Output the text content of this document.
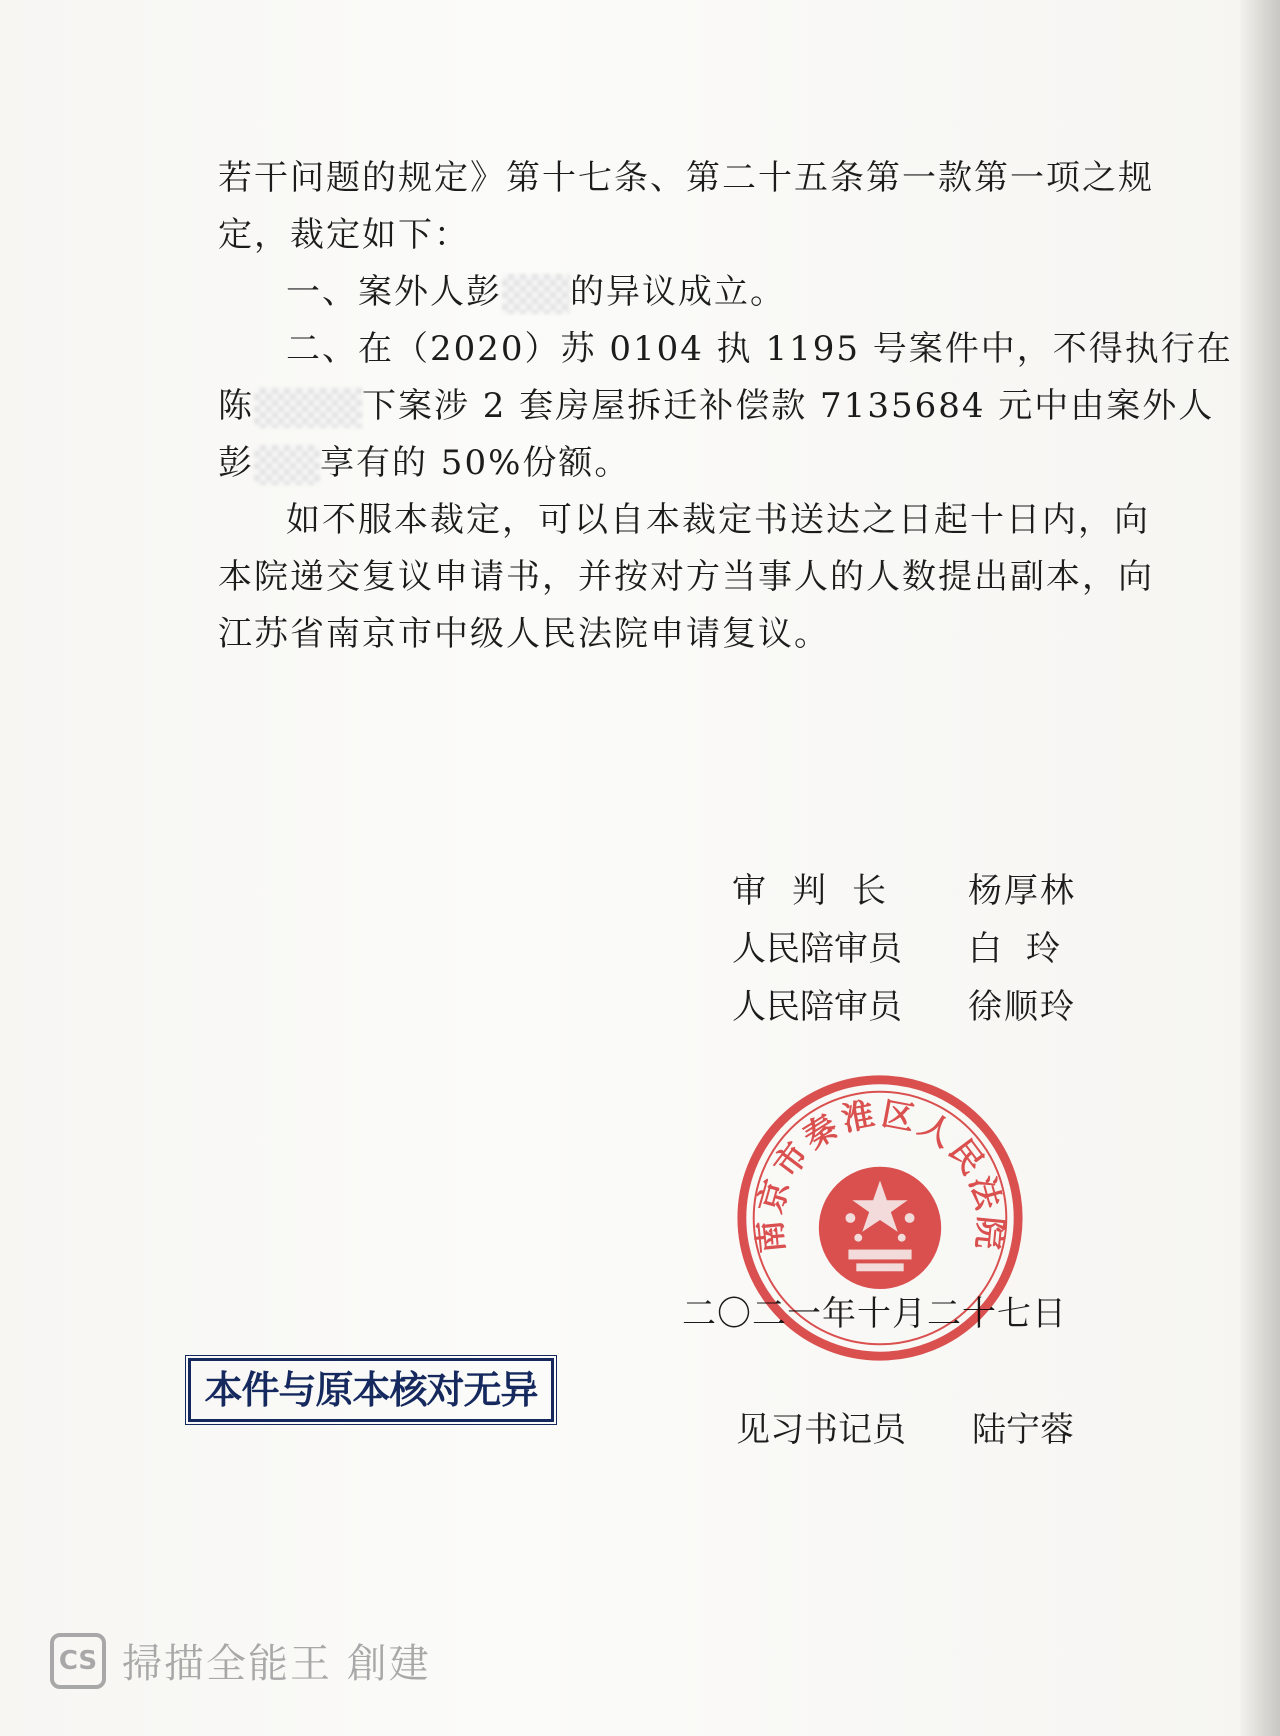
若干问题的规定》第十七条、第二十五条第一款第一项之规

定，裁定如下：

一、案外人彭 的异议成立。

二、在（2020）苏 0104 执 1195 号案件中，不得执行在

陈	下案涉 2 套房屋拆迁补偿款 7135684 元中由案外人

彭 享有的 50%份额。

如不服本裁定，可以自本裁定书送达之日起十日内，向

本院递交复议申请书，并按对方当事人的人数提出副本，向

江苏省南京市中级人民法院申请复议。

审判长	杨厚林
人民陪审员	白玲
人民陪审员	徐顺玲
二〇二一年十月二十七日
南京市秦淮区人民法院
本件与原本核对无异
见习书记员 陆宁蓉
CS 掃描全能王 創建
